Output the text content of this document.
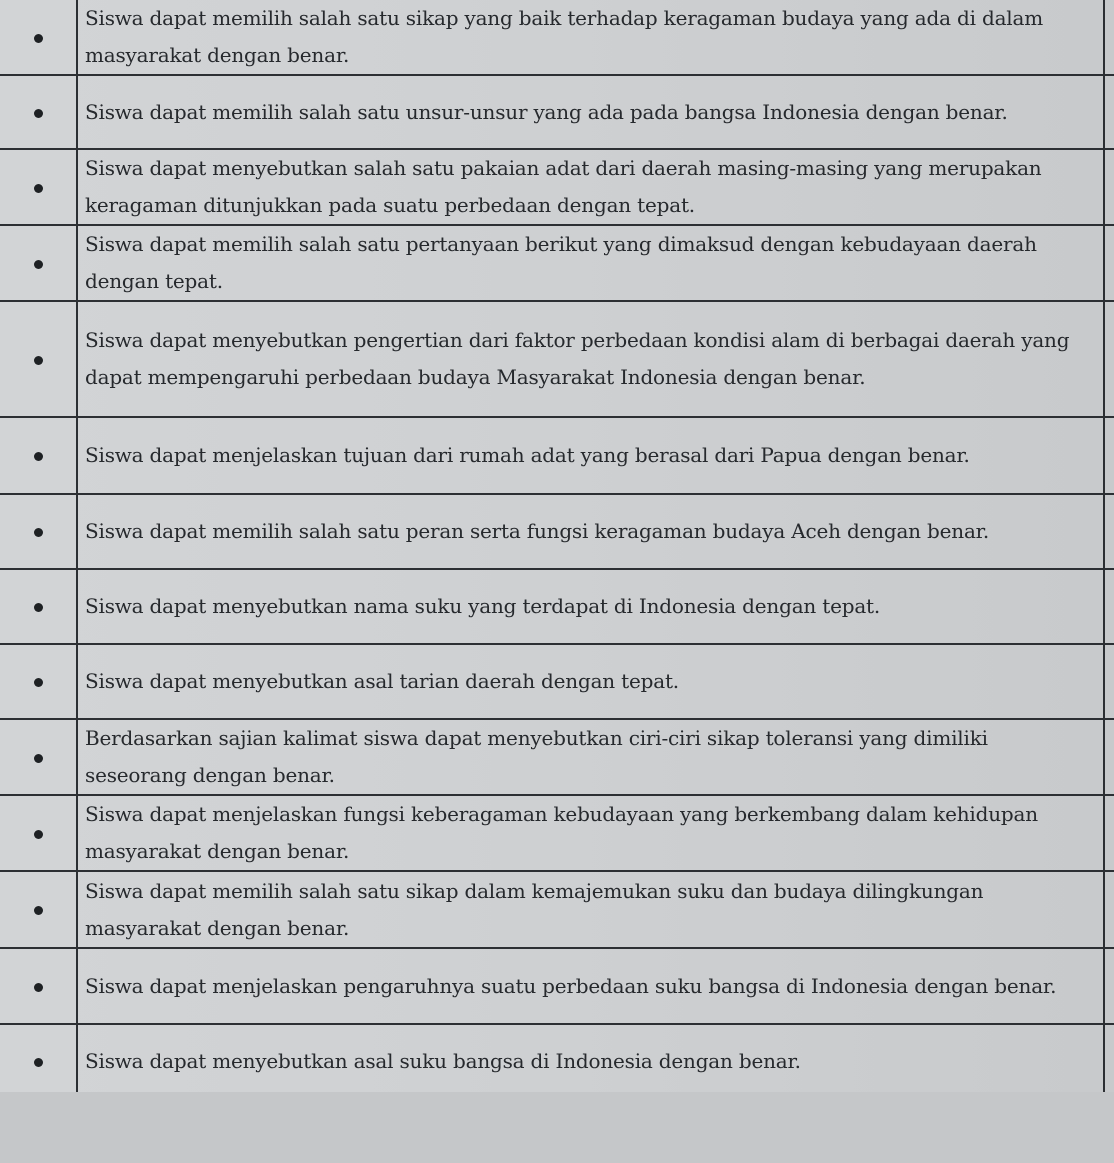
	Siswa dapat memilih salah satu sikap yang baik terhadap keragaman budaya yang ada di dalam masyarakat dengan benar.	
	Siswa dapat memilih salah satu unsur-unsur yang ada pada bangsa Indonesia dengan benar.	
	Siswa dapat menyebutkan salah satu pakaian adat dari daerah masing-masing yang merupakan keragaman ditunjukkan pada suatu perbedaan dengan tepat.	
	Siswa dapat memilih salah satu pertanyaan berikut yang dimaksud dengan kebudayaan daerah dengan tepat.	
	Siswa dapat menyebutkan pengertian dari faktor perbedaan kondisi alam di berbagai daerah yang dapat mempengaruhi perbedaan budaya Masyarakat Indonesia dengan benar.	
	Siswa dapat menjelaskan tujuan dari rumah adat yang berasal dari Papua dengan benar.	
	Siswa dapat memilih salah satu peran serta fungsi keragaman budaya Aceh dengan benar.	
	Siswa dapat menyebutkan nama suku yang terdapat di Indonesia dengan tepat.	
	Siswa dapat menyebutkan asal tarian daerah dengan tepat.	
	Berdasarkan sajian kalimat siswa dapat menyebutkan ciri-ciri sikap toleransi yang dimiliki seseorang dengan benar.	
	Siswa dapat menjelaskan fungsi keberagaman kebudayaan yang berkembang dalam kehidupan masyarakat dengan benar.	
	Siswa dapat memilih salah satu sikap dalam kemajemukan suku dan budaya dilingkungan masyarakat dengan benar.	
	Siswa dapat menjelaskan pengaruhnya suatu perbedaan suku bangsa di Indonesia dengan benar.	
	Siswa dapat menyebutkan asal suku bangsa di Indonesia dengan benar.	
